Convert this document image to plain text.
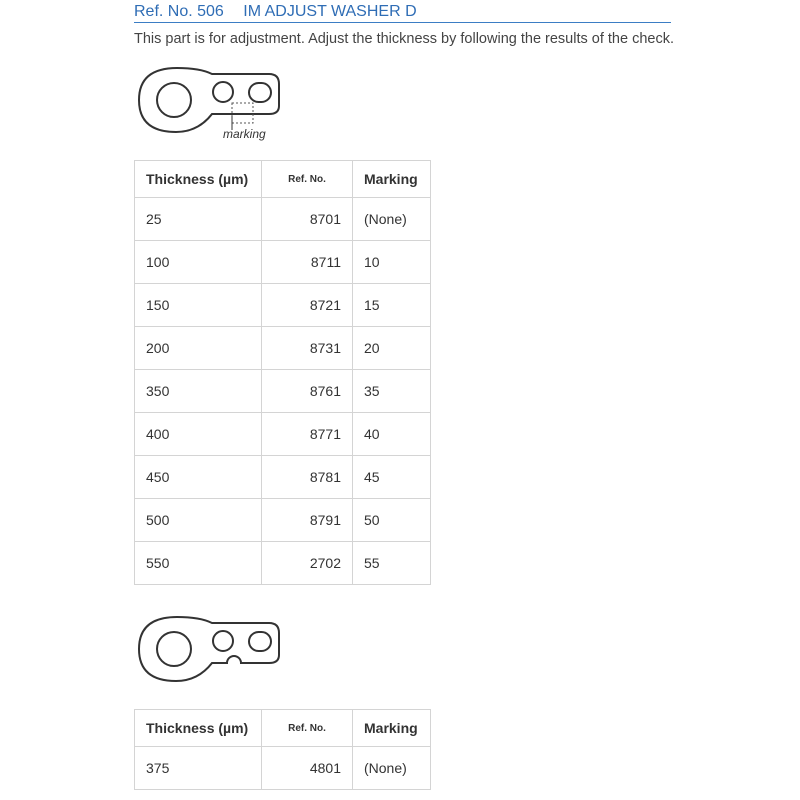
Ref. No. 506 IM ADJUST WASHER D
This part is for adjustment. Adjust the thickness by following the results of the check.
marking
Thickness (µm)	Ref. No.	Marking
25	8701	(None)
100	8711	10
150	8721	15
200	8731	20
350	8761	35
400	8771	40
450	8781	45
500	8791	50
550	2702	55
Thickness (µm)	Ref. No.	Marking
375	4801	(None)
